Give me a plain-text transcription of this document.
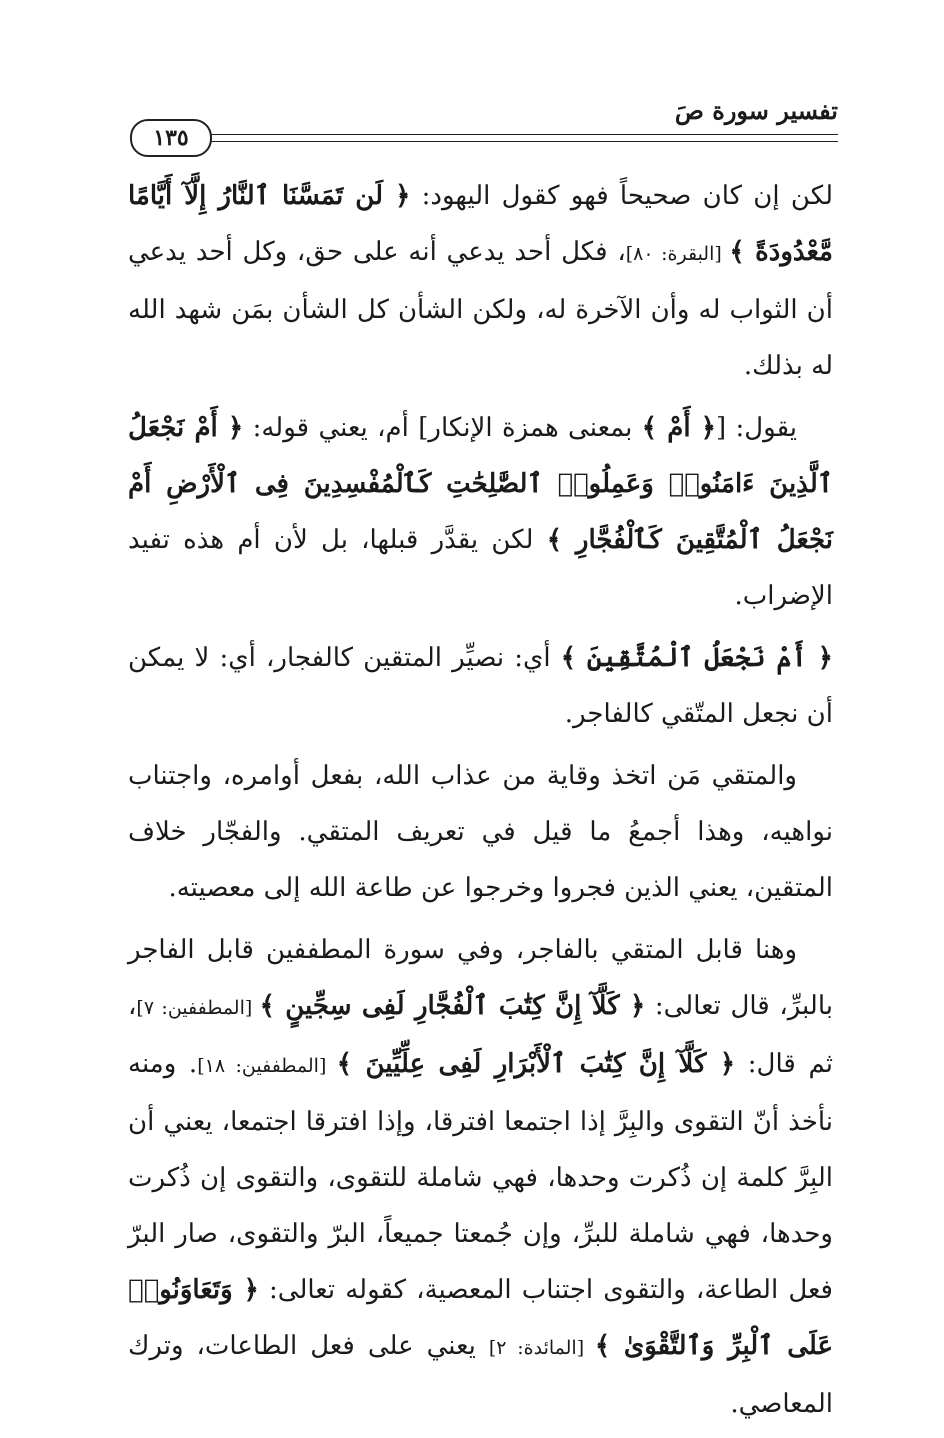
تفسير سورة صَ
١٣٥

لكن إن كان صحيحاً فهو كقول اليهود: ﴿ لَن تَمَسَّنَا ٱلنَّارُ إِلَّآ أَيَّامًا مَّعْدُودَةً ﴾ [البقرة: ٨٠]، فكل أحد يدعي أنه على حق، وكل أحد يدعي أن الثواب له وأن الآخرة له، ولكن الشأن كل الشأن بمَن شهد الله له بذلك.

يقول: [﴿ أَمْ ﴾ بمعنى همزة الإنكار] أم، يعني قوله: ﴿ أَمْ نَجْعَلُ ٱلَّذِينَ ءَامَنُوا۟ وَعَمِلُوا۟ ٱلصَّٰلِحَٰتِ كَٱلْمُفْسِدِينَ فِى ٱلْأَرْضِ أَمْ نَجْعَلُ ٱلْمُتَّقِينَ كَٱلْفُجَّارِ ﴾ لكن يقدَّر قبلها، بل لأن أم هذه تفيد الإضراب.

﴿ أَمْ نَجْعَلُ ٱلْمُتَّقِينَ ﴾ أي: نصيِّر المتقين كالفجار، أي: لا يمكن أن نجعل المتّقي كالفاجر.

والمتقي مَن اتخذ وقاية من عذاب الله، بفعل أوامره، واجتناب نواهيه، وهذا أجمعُ ما قيل في تعريف المتقي. والفجّار خلاف المتقين، يعني الذين فجروا وخرجوا عن طاعة الله إلى معصيته.

وهنا قابل المتقي بالفاجر، وفي سورة المطففين قابل الفاجر بالبرِّ، قال تعالى: ﴿ كَلَّآ إِنَّ كِتَٰبَ ٱلْفُجَّارِ لَفِى سِجِّينٍ ﴾ [المطففين: ٧]، ثم قال: ﴿ كَلَّآ إِنَّ كِتَٰبَ ٱلْأَبْرَارِ لَفِى عِلِّيِّينَ ﴾ [المطففين: ١٨]. ومنه نأخذ أنّ التقوى والبِرَّ إذا اجتمعا افترقا، وإذا افترقا اجتمعا، يعني أن البِرَّ كلمة إن ذُكرت وحدها، فهي شاملة للتقوى، والتقوى إن ذُكرت وحدها، فهي شاملة للبرِّ، وإن جُمعتا جميعاً، البرّ والتقوى، صار البرّ فعل الطاعة، والتقوى اجتناب المعصية، كقوله تعالى: ﴿ وَتَعَاوَنُوا۟ عَلَى ٱلْبِرِّ وَٱلتَّقْوَىٰ ﴾ [المائدة: ٢] يعني على فعل الطاعات، وترك المعاصي.
